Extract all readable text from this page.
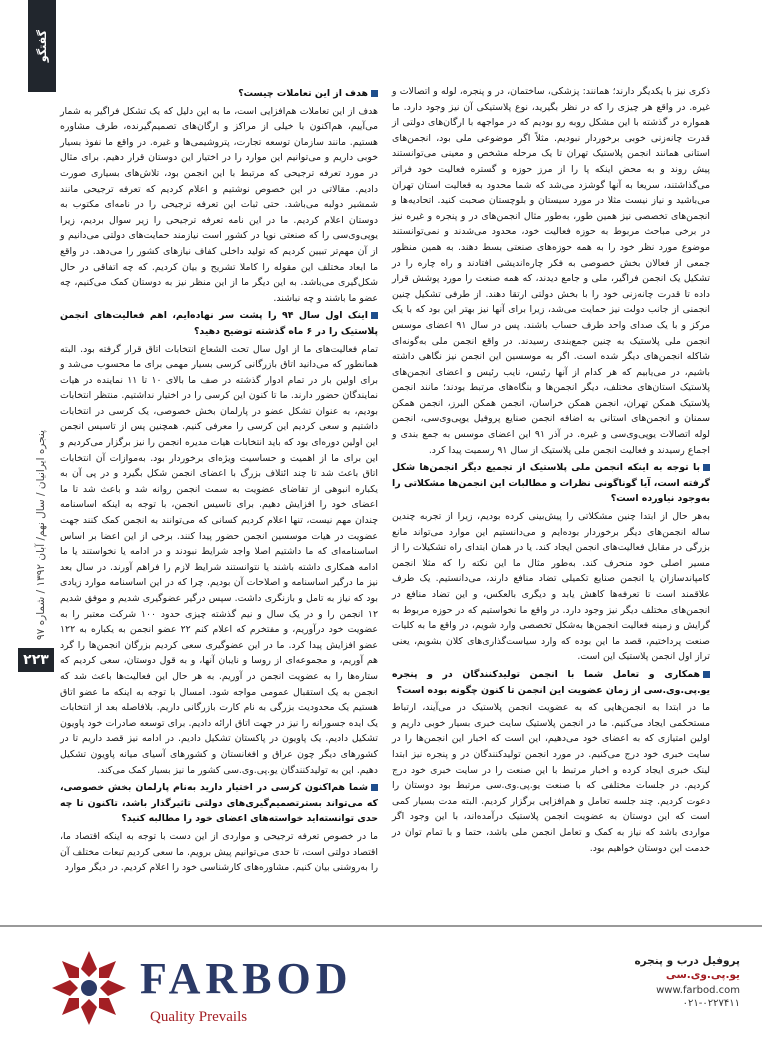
گفتگو
پنجره ایرانیان / سال نهم/ آبان ۱۳۹۲ / شماره ۹۷
۲۲۳

ذکری نیز با یکدیگر دارند؛ همانند: پزشکی، ساختمان، در و پنجره، لوله و اتصالات و غیره. در واقع هر چیزی را که در نظر بگیرید، نوع پلاستیکی آن نیز وجود دارد. ما همواره در گذشته با این مشکل روبه رو بودیم که در مواجهه با ارگان‌های دولتی از قدرت چانه‌زنی خوبی برخوردار نبودیم. مثلاً اگر موضوعی ملی بود، انجمن‌های استانی همانند انجمن پلاستیک تهران تا یک مرحله مشخص و معینی می‌توانستند پیش روند و به محض اینکه پا را از مرز حوزه و گستره فعالیت خود فراتر می‌گذاشتند، سریعا به آنها گوشزد می‌شد که شما محدود به فعالیت استان تهران می‌باشید و نیاز نیست مثلا در مورد سیستان و بلوچستان صحبت کنید. اتحادیه‌ها و انجمن‌های تخصصی نیز همین طور، به‌طور مثال انجمن‌های در و پنجره و غیره نیز در برخی مباحث مربوط به حوزه فعالیت خود، محدود می‌شدند و نمی‌توانستند موضوع مورد نظر خود را به همه حوزه‌های صنعتی بسط دهند. به همین منظور جمعی از فعالان بخش خصوصی به فکر چاره‌اندیشی افتادند و راه چاره را در تشکیل یک انجمن فراگیر، ملی و جامع دیدند، که همه صنعت را مورد پوشش قرار داده تا قدرت چانه‌زنی خود را با بخش دولتی ارتقا دهند. از طرفی تشکیل چنین انجمنی از جانب دولت نیز حمایت می‌شد، زیرا برای آنها نیز بهتر این بود که با یک مرکز و با یک صدای واحد طرف حساب باشند. پس در سال ۹۱ اعضای موسس انجمن ملی پلاستیک به چنین جمع‌بندی رسیدند. در واقع انجمن ملی به‌گونه‌ای شاکله انجمن‌های دیگر شده است. اگر به موسسین این انجمن نیز نگاهی داشته باشیم، در می‌یابیم که هر کدام از آنها رئیس، نایب رئیس و اعضای انجمن‌های پلاستیک استان‌های مختلف، دیگر انجمن‌ها و بنگاه‌های مرتبط بودند؛ مانند انجمن پلاستیک همکن تهران، انجمن همکن خراسان، انجمن همکن البرز، انجمن همکن سمنان و انجمن‌های استانی به اضافه انجمن صنایع پروفیل یوپی‌وی‌سی، انجمن لوله اتصالات یوپی‌وی‌سی و غیره. در آذر ۹۱ این اعضای موسس به جمع بندی و اجماع رسیدند و فعالیت انجمن ملی پلاستیک از سال ۹۱ رسمیت پیدا کرد.

با توجه به اینکه انجمن ملی پلاستیک از تجمیع دیگر انجمن‌ها شکل گرفته است، آیا گوناگونی نظرات و مطالبات این انجمن‌ها مشکلاتی را به‌وجود نیاورده است؟

به‌هر حال از ابتدا چنین مشکلاتی را پیش‌بینی کرده بودیم، زیرا از تجربه چندین ساله انجمن‌های دیگر برخوردار بوده‌ایم و می‌دانستیم این موارد می‌تواند مانع بزرگی در مقابل فعالیت‌های انجمن ایجاد کند. یا در همان ابتدای راه تشکیلات را از مسیر اصلی خود منحرف کند. به‌طور مثال ما این نکته را که مثلا انجمن کامپاندسازان یا انجمن صنایع تکمیلی تضاد منافع دارند، می‌دانستیم. یک طرف علاقمند است تا تعرفه‌ها کاهش یابد و دیگری بالعکس، و این تضاد منافع در انجمن‌های مختلف دیگر نیز وجود دارد. در واقع ما نخواستیم که در حوزه مربوط به گرایش و زمینه فعالیت انجمن‌ها به‌شکل تخصصی وارد شویم، در واقع ما به کلیات صنعت پرداختیم، قصد ما این بوده که وارد سیاست‌گذاری‌های کلان بشویم، یعنی تراز اول انجمن پلاستیک این است.

همکاری و تعامل شما با انجمن تولیدکنندگان در و پنجره یو.پی.وی.سی از زمان عضویت این انجمن تا کنون چگونه بوده است؟

ما در ابتدا به انجمن‌هایی که به عضویت انجمن پلاستیک در می‌آیند، ارتباط مستحکمی ایجاد می‌کنیم. ما در انجمن پلاستیک سایت خبری بسیار خوبی داریم و اولین امتیازی که به اعضای خود می‌دهیم، این است که اخبار این انجمن‌ها را در سایت خبری خود درج می‌کنیم. در مورد انجمن تولیدکنندگان در و پنجره نیز ابتدا لینک خبری ایجاد کرده و اخبار مرتبط با این صنعت را در سایت خبری خود درج کردیم. در جلسات مختلفی که با صنعت یو.پی.وی.سی مرتبط بود دوستان را دعوت کردیم. چند جلسه تعامل و هم‌افزایی برگزار کردیم. البته مدت بسیار کمی است که این دوستان به عضویت انجمن پلاستیک درآمده‌اند، با این وجود اگر مواردی باشد که نیاز به کمک و تعامل انجمن ملی باشد، حتما و با تمام توان در خدمت این دوستان خواهیم بود.

هدف از این تعاملات چیست؟

هدف از این تعاملات هم‌افزایی است، ما به این دلیل که یک تشکل فراگیر به شمار می‌آییم، هم‌اکنون با خیلی از مراکز و ارگان‌های تصمیم‌گیرنده، طرف مشاوره هستیم. مانند سازمان توسعه تجارت، پتروشیمی‌ها و غیره. در واقع ما نفوذ بسیار خوبی داریم و می‌توانیم این موارد را در اختیار این دوستان قرار دهیم. برای مثال در مورد تعرفه ترجیحی که مرتبط با این انجمن بود، تلاش‌های بسیاری صورت دادیم. مقالاتی در این خصوص نوشتیم و اعلام کردیم که تعرفه ترجیحی مانند شمشیر دولبه می‌باشد. حتی ثبات این تعرفه ترجیحی را در نامه‌ای مکتوب به دوستان اعلام کردیم. ما در این نامه تعرفه ترجیحی را زیر سوال بردیم، زیرا یوپی‌وی‌سی را که صنعتی نوپا در کشور است نیازمند حمایت‌های دولتی می‌دانیم و از آن مهم‌تر تبیین کردیم که تولید داخلی کفاف نیازهای کشور را می‌دهد. در واقع ما ابعاد مختلف این مقوله را کاملا تشریح و بیان کردیم. که چه اتفاقی در حال شکل‌گیری می‌باشد. به این دیگر ما از این منظر نیز به دوستان کمک می‌کنیم، چه عضو ما باشند و چه نباشند.

اینک اول سال ۹۴ را پشت سر نهاده‌ایم، اهم فعالیت‌های انجمن پلاستیک را در ۶ ماه گذشته توضیح دهید؟

تمام فعالیت‌های ما از اول سال تحت الشعاع انتخابات اتاق قرار گرفته بود. البته همانطور که می‌دانید اتاق بازرگانی کرسی بسیار مهمی برای ما محسوب می‌شد و برای اولین بار در تمام ادوار گذشته در صف ما بالای ۱۰ تا ۱۱ نماینده در هیات نمایندگان حضور دارند. ما تا کنون این کرسی را در اختیار نداشتیم. منتظر انتخابات بودیم، به عنوان تشکل عضو در پارلمان بخش خصوصی، یک کرسی در انتخابات داشتیم و سعی کردیم این کرسی را معرفی کنیم. همچنین پس از تاسیس انجمن این اولین دوره‌ای بود که باید انتخابات هیات مدیره انجمن را نیز برگزار می‌کردیم و این برای ما از اهمیت و حساسیت ویژه‌ای برخوردار بود. به‌موازات آن انتخابات اتاق باعث شد تا چند ائتلاف بزرگ با اعضای انجمن شکل بگیرد و در پی آن به یکباره انبوهی از تقاضای عضویت به سمت انجمن روانه شد و باعث شد تا ما اعضای خود را افزایش دهیم. برای تاسیس انجمن، با توجه به اینکه اساسنامه چندان مهم نیست، تنها اعلام کردیم کسانی که می‌توانند به انجمن کمک کنند جهت عضویت در هیات موسسین انجمن حضور پیدا کنند. برخی از این اعضا بر اساس اساسنامه‌ای که ما داشتیم اصلا واجد شرایط نبودند و در ادامه یا نخواستند یا ما ادامه همکاری داشته باشند یا نتوانستند شرایط لازم را فراهم آورند. در سال بعد نیز ما درگیر اساسنامه و اصلاحات آن بودیم. چرا که در این اساسنامه موارد زیادی بود که نیاز به تامل و بازنگری داشت. سپس درگیر عضوگیری شدیم و موفق شدیم ۱۲ انجمن را و در یک سال و نیم گذشته چیزی حدود ۱۰۰ شرکت معتبر را به عضویت خود درآوریم، و مفتخرم که اعلام کنم ۲۲ عضو انجمن به یکباره به ۱۲۲ عضو افزایش پیدا کرد. ما در این عضوگیری سعی کردیم بزرگان انجمن‌ها را گرد هم آوریم، و مجموعه‌ای از روسا و نایبان آنها، و به قول دوستان، سعی کردیم که ستاره‌ها را به عضویت انجمن در آوریم. به هر حال این فعالیت‌ها باعث شد که انجمن به یک استقبال عمومی مواجه شود. امسال با توجه به اینکه ما عضو اتاق هستیم یک محدودیت بزرگی به نام کارت بازرگانی داریم. بلافاصله بعد از انتخابات یک ایده جسورانه را نیز در جهت اتاق ارائه دادیم. برای توسعه صادرات خود پاویون تشکیل دادیم. یک پاویون در پاکستان تشکیل دادیم. در ادامه نیز قصد داریم تا در کشورهای دیگر چون عراق و افغانستان و کشورهای آسیای میانه پاویون تشکیل دهیم. این به تولیدکنندگان یو.پی.وی.سی کشور ما نیز بسیار کمک می‌کند.

شما هم‌اکنون کرسی در اختیار دارید به‌نام پارلمان بخش خصوصی، که می‌تواند بسترتصمیم‌گیری‌های دولتی تاثیرگذار باشد، تاکنون تا چه حدی توانسته‌اید خواسته‌های اعضای خود را مطالبه کنید؟

ما در خصوص تعرفه ترجیحی و مواردی از این دست با توجه به اینکه اقتصاد ما، اقتصاد دولتی است، تا حدی می‌توانیم پیش برویم. ما سعی کردیم تبعات مختلف آن را به‌روشنی بیان کنیم. مشاوره‌های کارشناسی خود را اعلام کردیم. در دیگر موارد

FARBOD
Quality Prevails
پروفیل درب و پنجره
یو.پی.وی.سی
www.farbod.com
۰۲۱-۰۲۲۷۴۱۱
